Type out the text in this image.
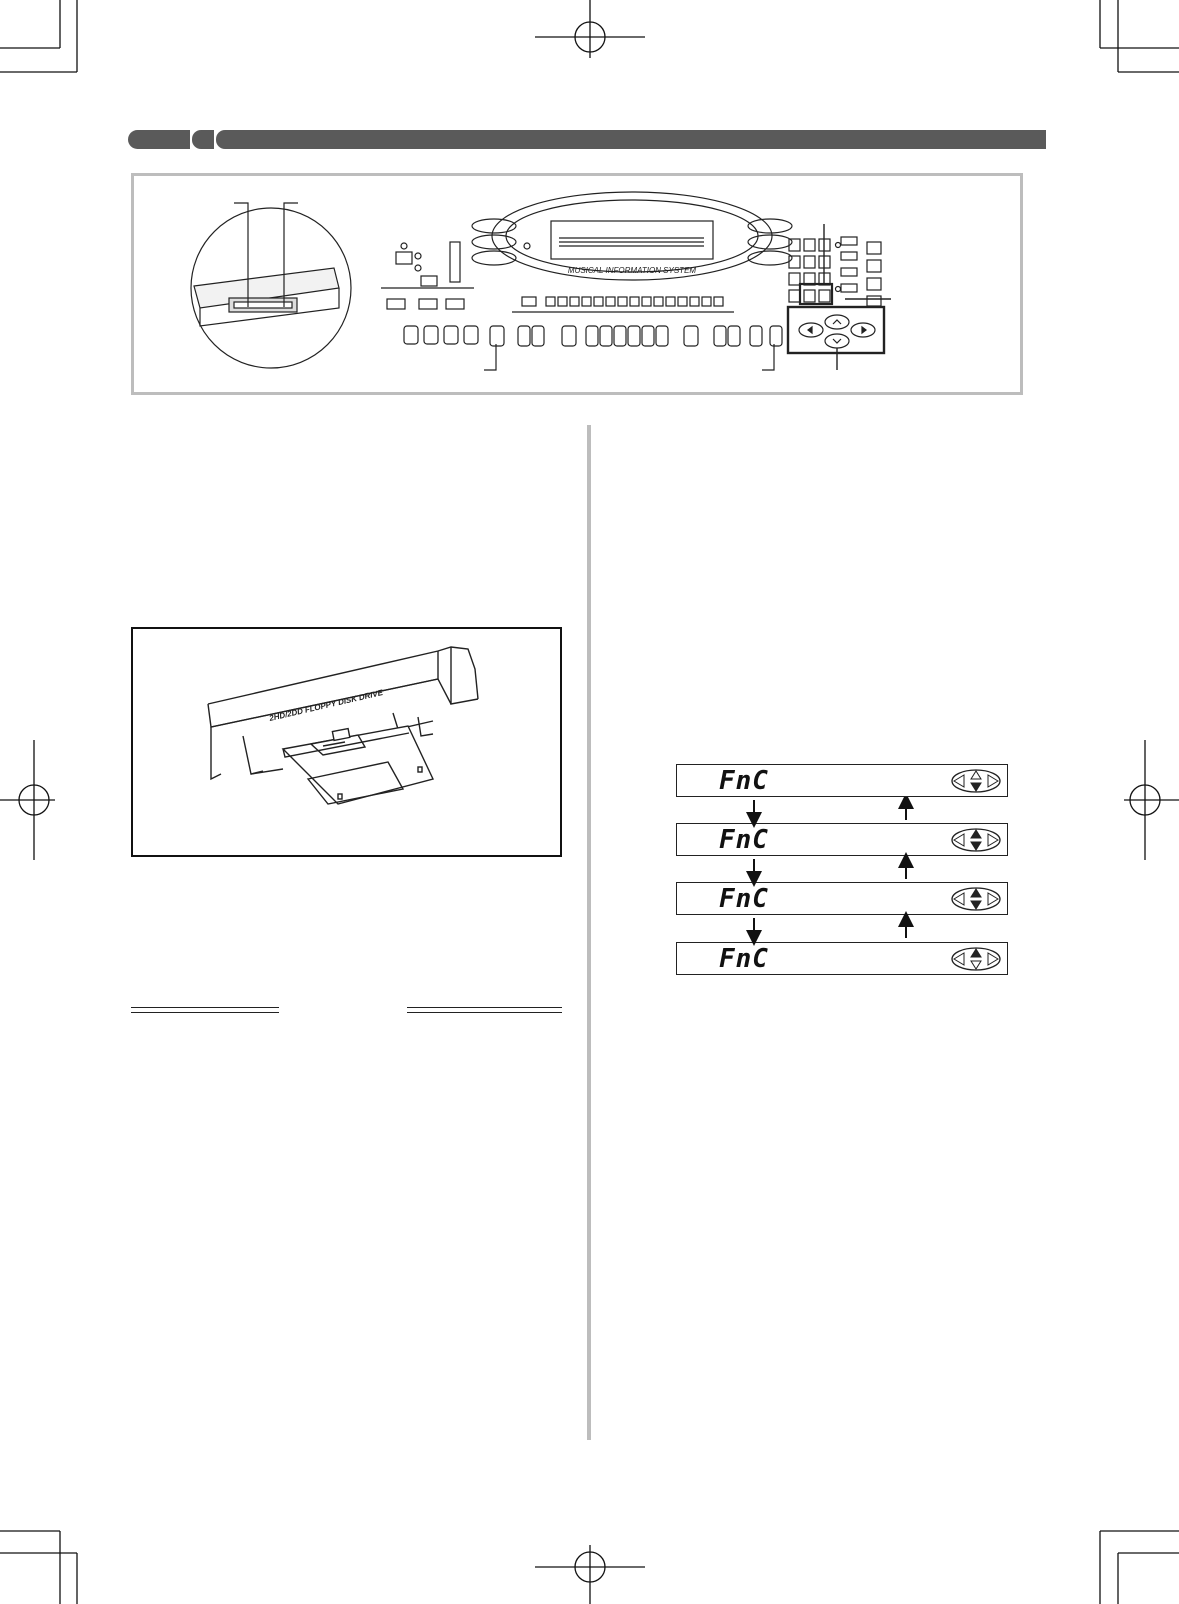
MUSICAL INFORMATION SYSTEM
2HD/2DD FLOPPY DISK DRIVE
FnC
FnC
FnC
FnC
